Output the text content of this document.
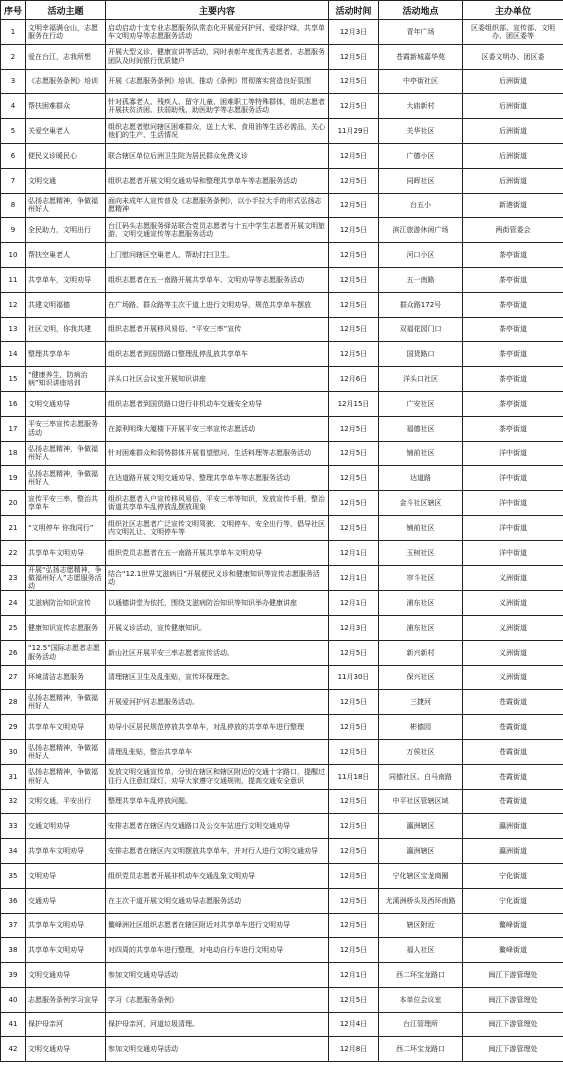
序号	活动主题	主要内容	活动时间	活动地点	主办单位
1	文明幸福满仓山，志愿服务在行动	启动启动十支专业志愿服务队常态化开展爱河护河、爱绿护绿，共享单车文明劝导等志愿服务活动	12月3日	青年广场	区委组织部、宣传部、文明办、团区委等
2	爱在台江，志我所想	开展大型义诊、健康宣讲等活动，同时表彰年度优秀志愿者、志愿服务团队及时间银行优质储户	12月5日	苍霞新城嘉华苑	区委文明办、团区委
3	《志愿服务条例》培训	开展《志愿服务条例》培训，推动《条例》贯彻落实营造良好氛围	12月5日	中亭街社区	后洲街道
4	帮扶困难群众	针对孤寡老人、残疾人、留守儿童、困难职工等特殊群体，组织志愿者开展扶贫济困、扶弱助残、助医助学等志愿服务活动	12月5日	大庙新村	后洲街道
5	关爱空巢老人	组织志愿者慰问辖区困难群众，送上大米、食用油等生活必需品，关心他们的生产、生活情况	11月29日	关华社区	后洲街道
6	便民义诊暖民心	联合辖区单位后洲卫生院为居民群众免费义诊	12月5日	广德小区	后洲街道
7	文明交通	组织志愿者开展文明交通劝导和整理共享单车等志愿服务活动	12月5日	同晖社区	后洲街道
8	弘扬志愿精神，争做福州好人	面向未成年人宣传普及《志愿服务条例》，以小手拉大手的形式弘扬志愿精神	12月5日	台五小	新港街道
9	全民助力，文明出行	台江码头志愿服务驿站联合党员志愿者与十五中学生志愿者开展文明旅游、文明交通宣传等志愿服务活动	12月5日	滨江旅游休闲广场	两街管委会
10	帮扶空巢老人	上门慰问辖区空巢老人，帮助打扫卫生。	12月5日	河口小区	茶亭街道
11	共享单车，文明劝导	组织志愿者在五一南路开展共享单车、文明劝导等志愿服务活动	12月5日	五一南路	茶亭街道
12	共建文明福德	在广场路、群众路等主次干道上进行文明劝导，规范共享单车摆放	12月5日	群众路172号	茶亭街道
13	社区文明，你我共建	组织志愿者开展移风易俗、“平安三率”宣传	12月5日	双福花园门口	茶亭街道
14	整理共享单车	组织志愿者到国货路口整理乱停乱放共享单车	12月5日	国货路口	茶亭街道
15	“健康养生，防病治病”知识讲座培训	洋头口社区会议室开展知识讲座	12月6日	洋头口社区	茶亭街道
16	文明交通劝导	组织志愿者到国货路口进行非机动车交通安全劝导	12月15日	广安社区	茶亭街道
17	平安三率宣传志愿服务活动	在源利明珠大厦楼下开展平安三率宣传志愿活动	12月5日	福德社区	茶亭街道
18	弘扬志愿精神，争做福州好人	针对困难群众和弱势群体开展看望慰问、生活料理等志愿服务活动	12月5日	铺前社区	洋中街道
19	弘扬志愿精神，争做福州好人	在达道路开展文明交通劝导、整理共享单车等志愿服务活动	12月5日	达道路	洋中街道
20	宣传平安三率，整治共享单车	组织志愿者入户宣传移风易俗、平安三率等知识，发放宣传手册，整治街道共享单车乱停放乱摆放现象	12月5日	金斗社区辖区	洋中街道
21	“文明停车 你我同行”	组织社区志愿者广泛宣传文明驾驶、文明停车、安全出行等，倡导社区内文明礼让、文明停车等	12月5日	铺前社区	洋中街道
22	共享单车文明劝导	组织党员志愿者在五一南路开展共享单车文明劝导	12月1日	玉树社区	洋中街道
23	开展“弘扬志愿精神，争做福州好人”志愿服务活动	结合“12.1世界艾滋病日”开展便民义诊和健康知识等宣传志愿服务活动	12月1日	帘斗社区	义洲街道
24	艾滋病防治知识宣传	以通德讲堂为依托，围绕艾滋病防治知识等知识举办健康讲座	12月1日	浦东社区	义洲街道
25	健康知识宣传志愿服务	开展义诊活动，宣传健康知识。	12月3日	浦东社区	义洲街道
26	“12.5”国际志愿者志愿服务活动	新山社区开展平安三率志愿者宣传活动。	12月5日	新兴新村	义洲街道
27	环境清洁志愿服务	清理辖区卫生及乱张贴，宣传环保理念。	11月30日	保兴社区	义洲街道
28	弘扬志愿精神，争做福州好人	开展爱河护河志愿服务活动。	12月5日	三捷河	苍霞街道
29	共享单车文明劝导	劝导小区居民规范停放共享单车，对乱停放的共享单车进行整理	12月5日	彬德园	苍霞街道
30	弘扬志愿精神，争做福州好人	清理乱张贴，整治共享单车	12月5日	万侯社区	苍霞街道
31	弘扬志愿精神，争做福州好人	发放文明交通宣传单，分别在辖区和辖区附近的交通十字路口，提醒过往行人注意红绿灯，劝导大家遵守交通规则，提高交通安全意识	11月18日	同德社区、白马南路	苍霞街道
32	文明交通，平安出行	整理共享单车乱停放问题。	12月5日	中平社区管辖区域	苍霞街道
33	交通文明劝导	安排志愿者在辖区内交通路口及公交车站进行文明交通劝导	12月5日	瀛洲辖区	瀛洲街道
34	共享单车文明劝导	安排志愿者在辖区内文明摆放共享单车，并对行人进行文明交通劝导	12月5日	瀛洲辖区	瀛洲街道
35	文明劝导	组织党员志愿者开展非机动车交通乱象文明劝导	12月5日	宁化辖区宝龙商圈	宁化街道
36	交通劝导	在主次干道开展文明交通劝导志愿服务活动	12月5日	尤溪洲桥头及西环南路	宁化街道
37	共享单车文明劝导	鳌峰洲社区组织志愿者在辖区附近对共享单车进行文明劝导	12月5日	辖区附近	鳌峰街道
38	共享单车文明劝导	对四周的共享单车进行整理，对电动自行车进行文明劝导	12月5日	福人社区	鳌峰街道
39	文明交通劝导	参加文明交通劝导活动	12月1日	西二环宝龙路口	闽江下游管理处
40	志愿服务条例学习宣导	学习《志愿服务条例》	12月5日	本单位会议室	闽江下游管理处
41	保护母亲河	保护母亲河，河道垃圾清理。	12月4日	台江管理所	闽江下游管理处
42	文明交通劝导	参加文明交通劝导活动	12月8日	西二环宝龙路口	闽江下游管理处
